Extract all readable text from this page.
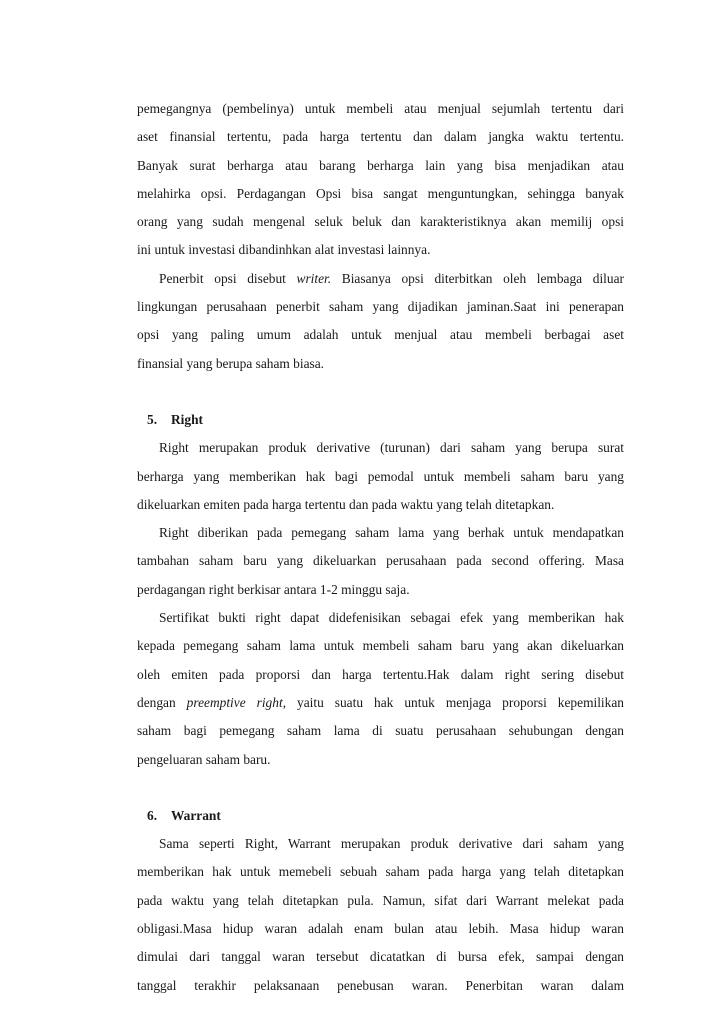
pemegangnya (pembelinya) untuk membeli atau menjual sejumlah tertentu dari
aset finansial tertentu, pada harga tertentu dan dalam jangka waktu tertentu.
Banyak surat berharga atau barang berharga lain yang bisa menjadikan atau
melahirka opsi. Perdagangan Opsi bisa sangat menguntungkan, sehingga banyak
orang yang sudah mengenal seluk beluk dan karakteristiknya akan memilij opsi
ini untuk investasi dibandinhkan alat investasi lainnya.
Penerbit opsi disebut writer. Biasanya opsi diterbitkan oleh lembaga diluar
lingkungan perusahaan penerbit saham yang dijadikan jaminan.Saat ini penerapan
opsi yang paling umum adalah untuk menjual atau membeli berbagai aset
finansial yang berupa saham biasa.
5. Right
Right merupakan produk derivative (turunan) dari saham yang berupa surat
berharga yang memberikan hak bagi pemodal untuk membeli saham baru yang
dikeluarkan emiten pada harga tertentu dan pada waktu yang telah ditetapkan.
Right diberikan pada pemegang saham lama yang berhak untuk mendapatkan
tambahan saham baru yang dikeluarkan perusahaan pada second offering. Masa
perdagangan right berkisar antara 1-2 minggu saja.
Sertifikat bukti right dapat didefenisikan sebagai efek yang memberikan hak
kepada pemegang saham lama untuk membeli saham baru yang akan dikeluarkan
oleh emiten pada proporsi dan harga tertentu.Hak dalam right sering disebut
dengan preemptive right, yaitu suatu hak untuk menjaga proporsi kepemilikan
saham bagi pemegang saham lama di suatu perusahaan sehubungan dengan
pengeluaran saham baru.
6. Warrant
Sama seperti Right, Warrant merupakan produk derivative dari saham yang
memberikan hak untuk memebeli sebuah saham pada harga yang telah ditetapkan
pada waktu yang telah ditetapkan pula. Namun, sifat dari Warrant melekat pada
obligasi.Masa hidup waran adalah enam bulan atau lebih. Masa hidup waran
dimulai dari tanggal waran tersebut dicatatkan di bursa efek, sampai dengan
tanggal terakhir pelaksanaan penebusan waran. Penerbitan waran dalam
